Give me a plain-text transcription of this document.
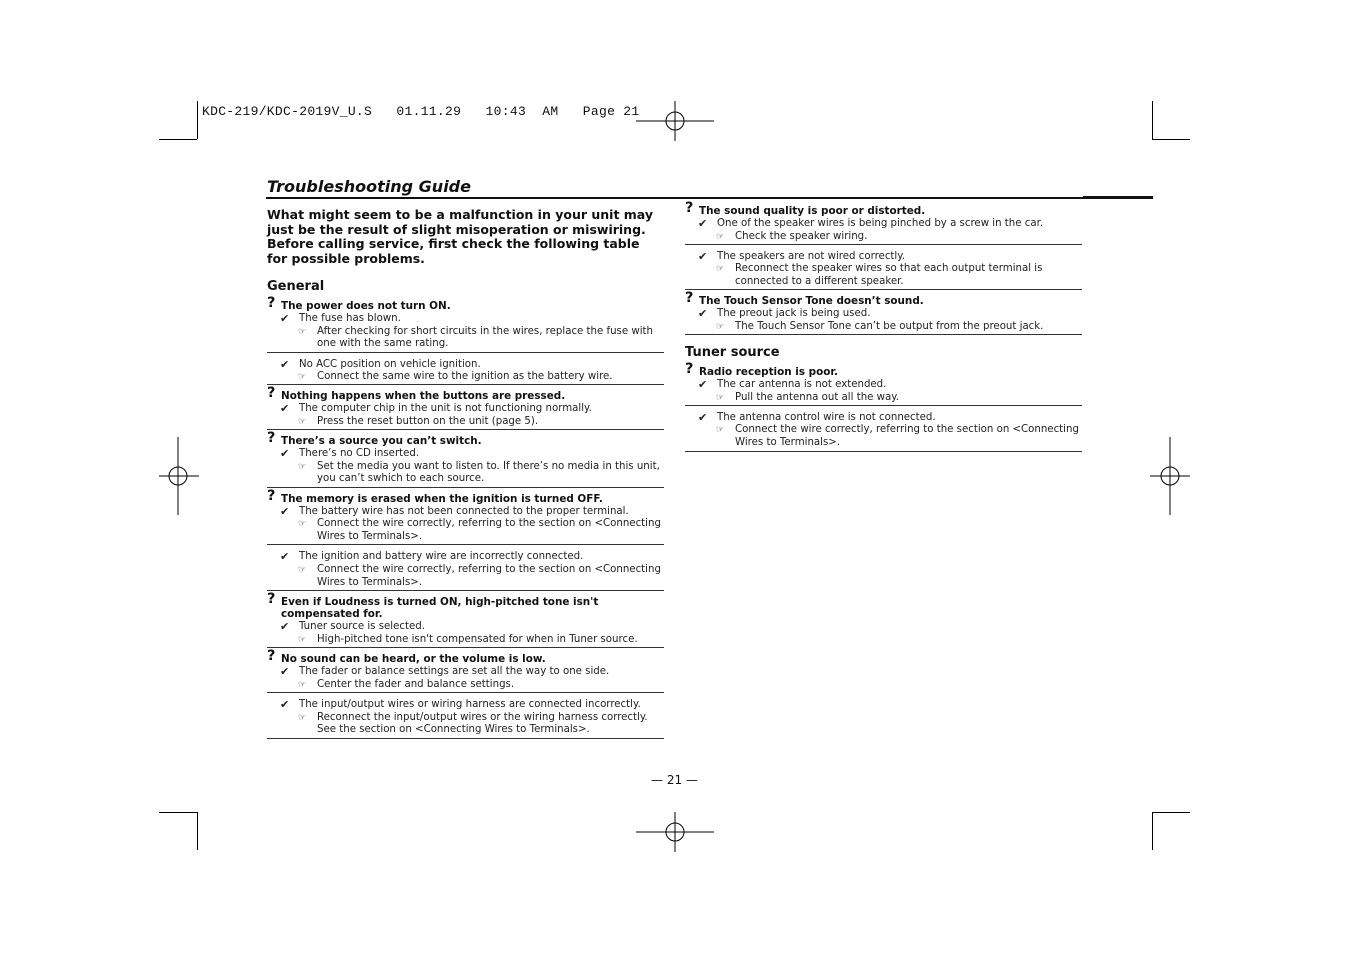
KDC-219/KDC-2019V_U.S   01.11.29   10:43  AM   Page 21
Troubleshooting Guide

What might seem to be a malfunction in your unit may just be the result of slight misoperation or miswiring. Before calling service, first check the following table for possible problems.

General
? The power does not turn ON.
✔ The fuse has blown.
☞ After checking for short circuits in the wires, replace the fuse with one with the same rating.
✔ No ACC position on vehicle ignition.
☞ Connect the same wire to the ignition as the battery wire.
? Nothing happens when the buttons are pressed.
✔ The computer chip in the unit is not functioning normally.
☞ Press the reset button on the unit (page 5).
? There’s a source you can’t switch.
✔ There’s no CD inserted.
☞ Set the media you want to listen to. If there’s no media in this unit, you can’t swhich to each source.
? The memory is erased when the ignition is turned OFF.
✔ The battery wire has not been connected to the proper terminal.
☞ Connect the wire correctly, referring to the section on <Connecting Wires to Terminals>.
✔ The ignition and battery wire are incorrectly connected.
☞ Connect the wire correctly, referring to the section on <Connecting Wires to Terminals>.
? Even if Loudness is turned ON, high-pitched tone isn't compensated for.
✔ Tuner source is selected.
☞ High-pitched tone isn't compensated for when in Tuner source.
? No sound can be heard, or the volume is low.
✔ The fader or balance settings are set all the way to one side.
☞ Center the fader and balance settings.
✔ The input/output wires or wiring harness are connected incorrectly.
☞ Reconnect the input/output wires or the wiring harness correctly. See the section on <Connecting Wires to Terminals>.
? The sound quality is poor or distorted.
✔ One of the speaker wires is being pinched by a screw in the car.
☞ Check the speaker wiring.
✔ The speakers are not wired correctly.
☞ Reconnect the speaker wires so that each output terminal is connected to a different speaker.
? The Touch Sensor Tone doesn’t sound.
✔ The preout jack is being used.
☞ The Touch Sensor Tone can’t be output from the preout jack.
Tuner source
? Radio reception is poor.
✔ The car antenna is not extended.
☞ Pull the antenna out all the way.
✔ The antenna control wire is not connected.
☞ Connect the wire correctly, referring to the section on <Connecting Wires to Terminals>.
— 21 —
